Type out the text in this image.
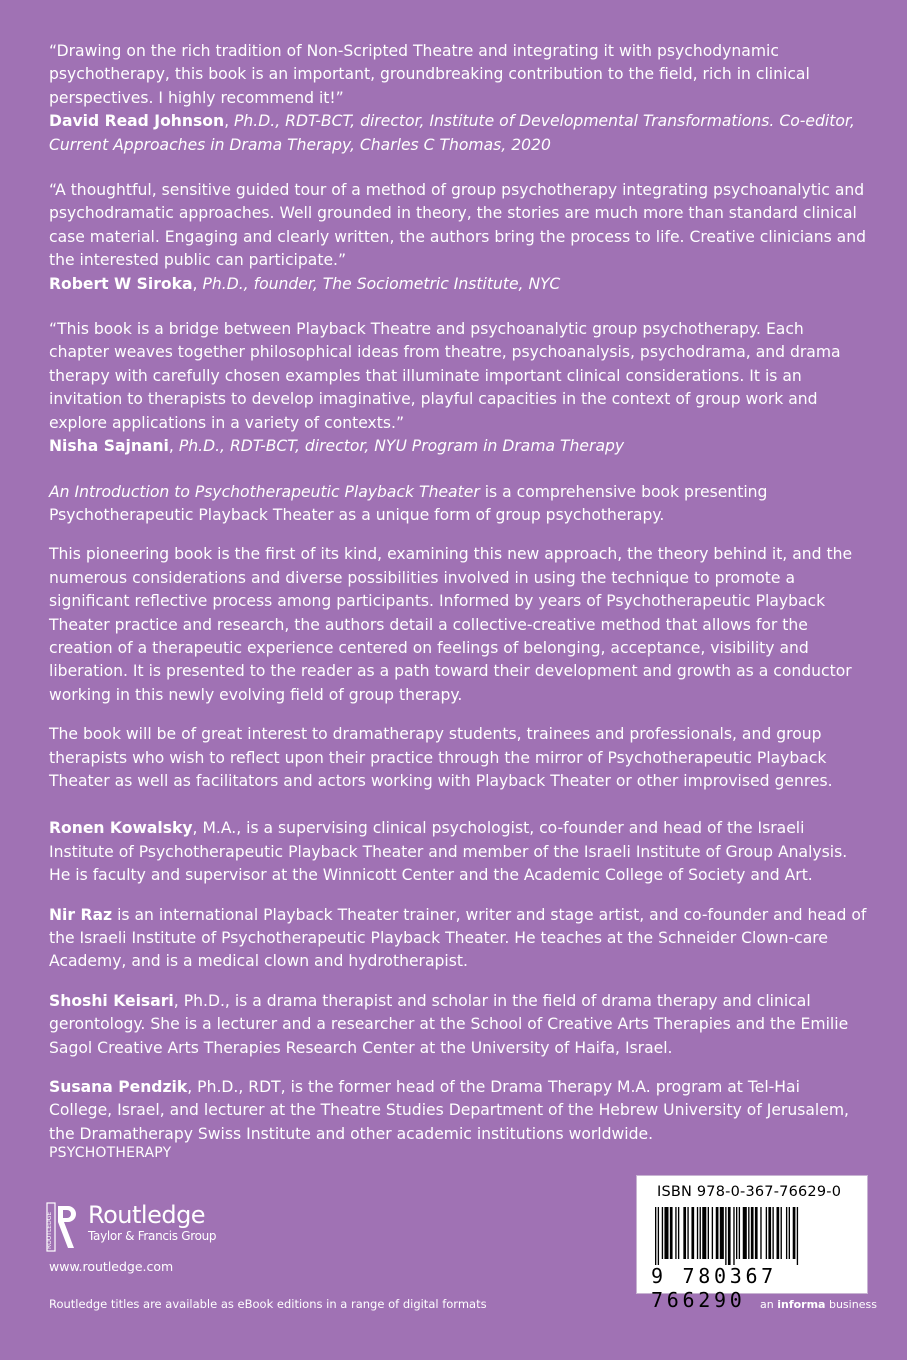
“Drawing on the rich tradition of Non-Scripted Theatre and integrating it with psychodynamic psychotherapy, this book is an important, groundbreaking contribution to the field, rich in clinical perspectives. I highly recommend it!”

David Read Johnson, Ph.D., RDT-BCT, director, Institute of Developmental Transformations. Co-editor, Current Approaches in Drama Therapy, Charles C Thomas, 2020

“A thoughtful, sensitive guided tour of a method of group psychotherapy integrating psychoanalytic and psychodramatic approaches. Well grounded in theory, the stories are much more than standard clinical case material. Engaging and clearly written, the authors bring the process to life. Creative clinicians and the interested public can participate.”

Robert W Siroka, Ph.D., founder, The Sociometric Institute, NYC

“This book is a bridge between Playback Theatre and psychoanalytic group psychotherapy. Each chapter weaves together philosophical ideas from theatre, psychoanalysis, psychodrama, and drama therapy with carefully chosen examples that illuminate important clinical considerations. It is an invitation to therapists to develop imaginative, playful capacities in the context of group work and explore applications in a variety of contexts.”

Nisha Sajnani, Ph.D., RDT-BCT, director, NYU Program in Drama Therapy

An Introduction to Psychotherapeutic Playback Theater is a comprehensive book presenting Psychotherapeutic Playback Theater as a unique form of group psychotherapy.

This pioneering book is the first of its kind, examining this new approach, the theory behind it, and the numerous considerations and diverse possibilities involved in using the technique to promote a significant reflective process among participants. Informed by years of Psychotherapeutic Playback Theater practice and research, the authors detail a collective-creative method that allows for the creation of a therapeutic experience centered on feelings of belonging, acceptance, visibility and liberation. It is presented to the reader as a path toward their development and growth as a conductor working in this newly evolving field of group therapy.

The book will be of great interest to dramatherapy students, trainees and professionals, and group therapists who wish to reflect upon their practice through the mirror of Psychotherapeutic Playback Theater as well as facilitators and actors working with Playback Theater or other improvised genres.

Ronen Kowalsky, M.A., is a supervising clinical psychologist, co-founder and head of the Israeli Institute of Psychotherapeutic Playback Theater and member of the Israeli Institute of Group Analysis. He is faculty and supervisor at the Winnicott Center and the Academic College of Society and Art.

Nir Raz is an international Playback Theater trainer, writer and stage artist, and co-founder and head of the Israeli Institute of Psychotherapeutic Playback Theater. He teaches at the Schneider Clown-care Academy, and is a medical clown and hydrotherapist.

Shoshi Keisari, Ph.D., is a drama therapist and scholar in the field of drama therapy and clinical gerontology. She is a lecturer and a researcher at the School of Creative Arts Therapies and the Emilie Sagol Creative Arts Therapies Research Center at the University of Haifa, Israel.

Susana Pendzik, Ph.D., RDT, is the former head of the Drama Therapy M.A. program at Tel-Hai College, Israel, and lecturer at the Theatre Studies Department of the Hebrew University of Jerusalem, the Dramatherapy Swiss Institute and other academic institutions worldwide.

PSYCHOTHERAPY
ROUTLEDGE Routledge
Taylor & Francis Group
www.routledge.com
Routledge titles are available as eBook editions in a range of digital formats
ISBN 978-0-367-76629-0
9 780367 766290	an informa business
